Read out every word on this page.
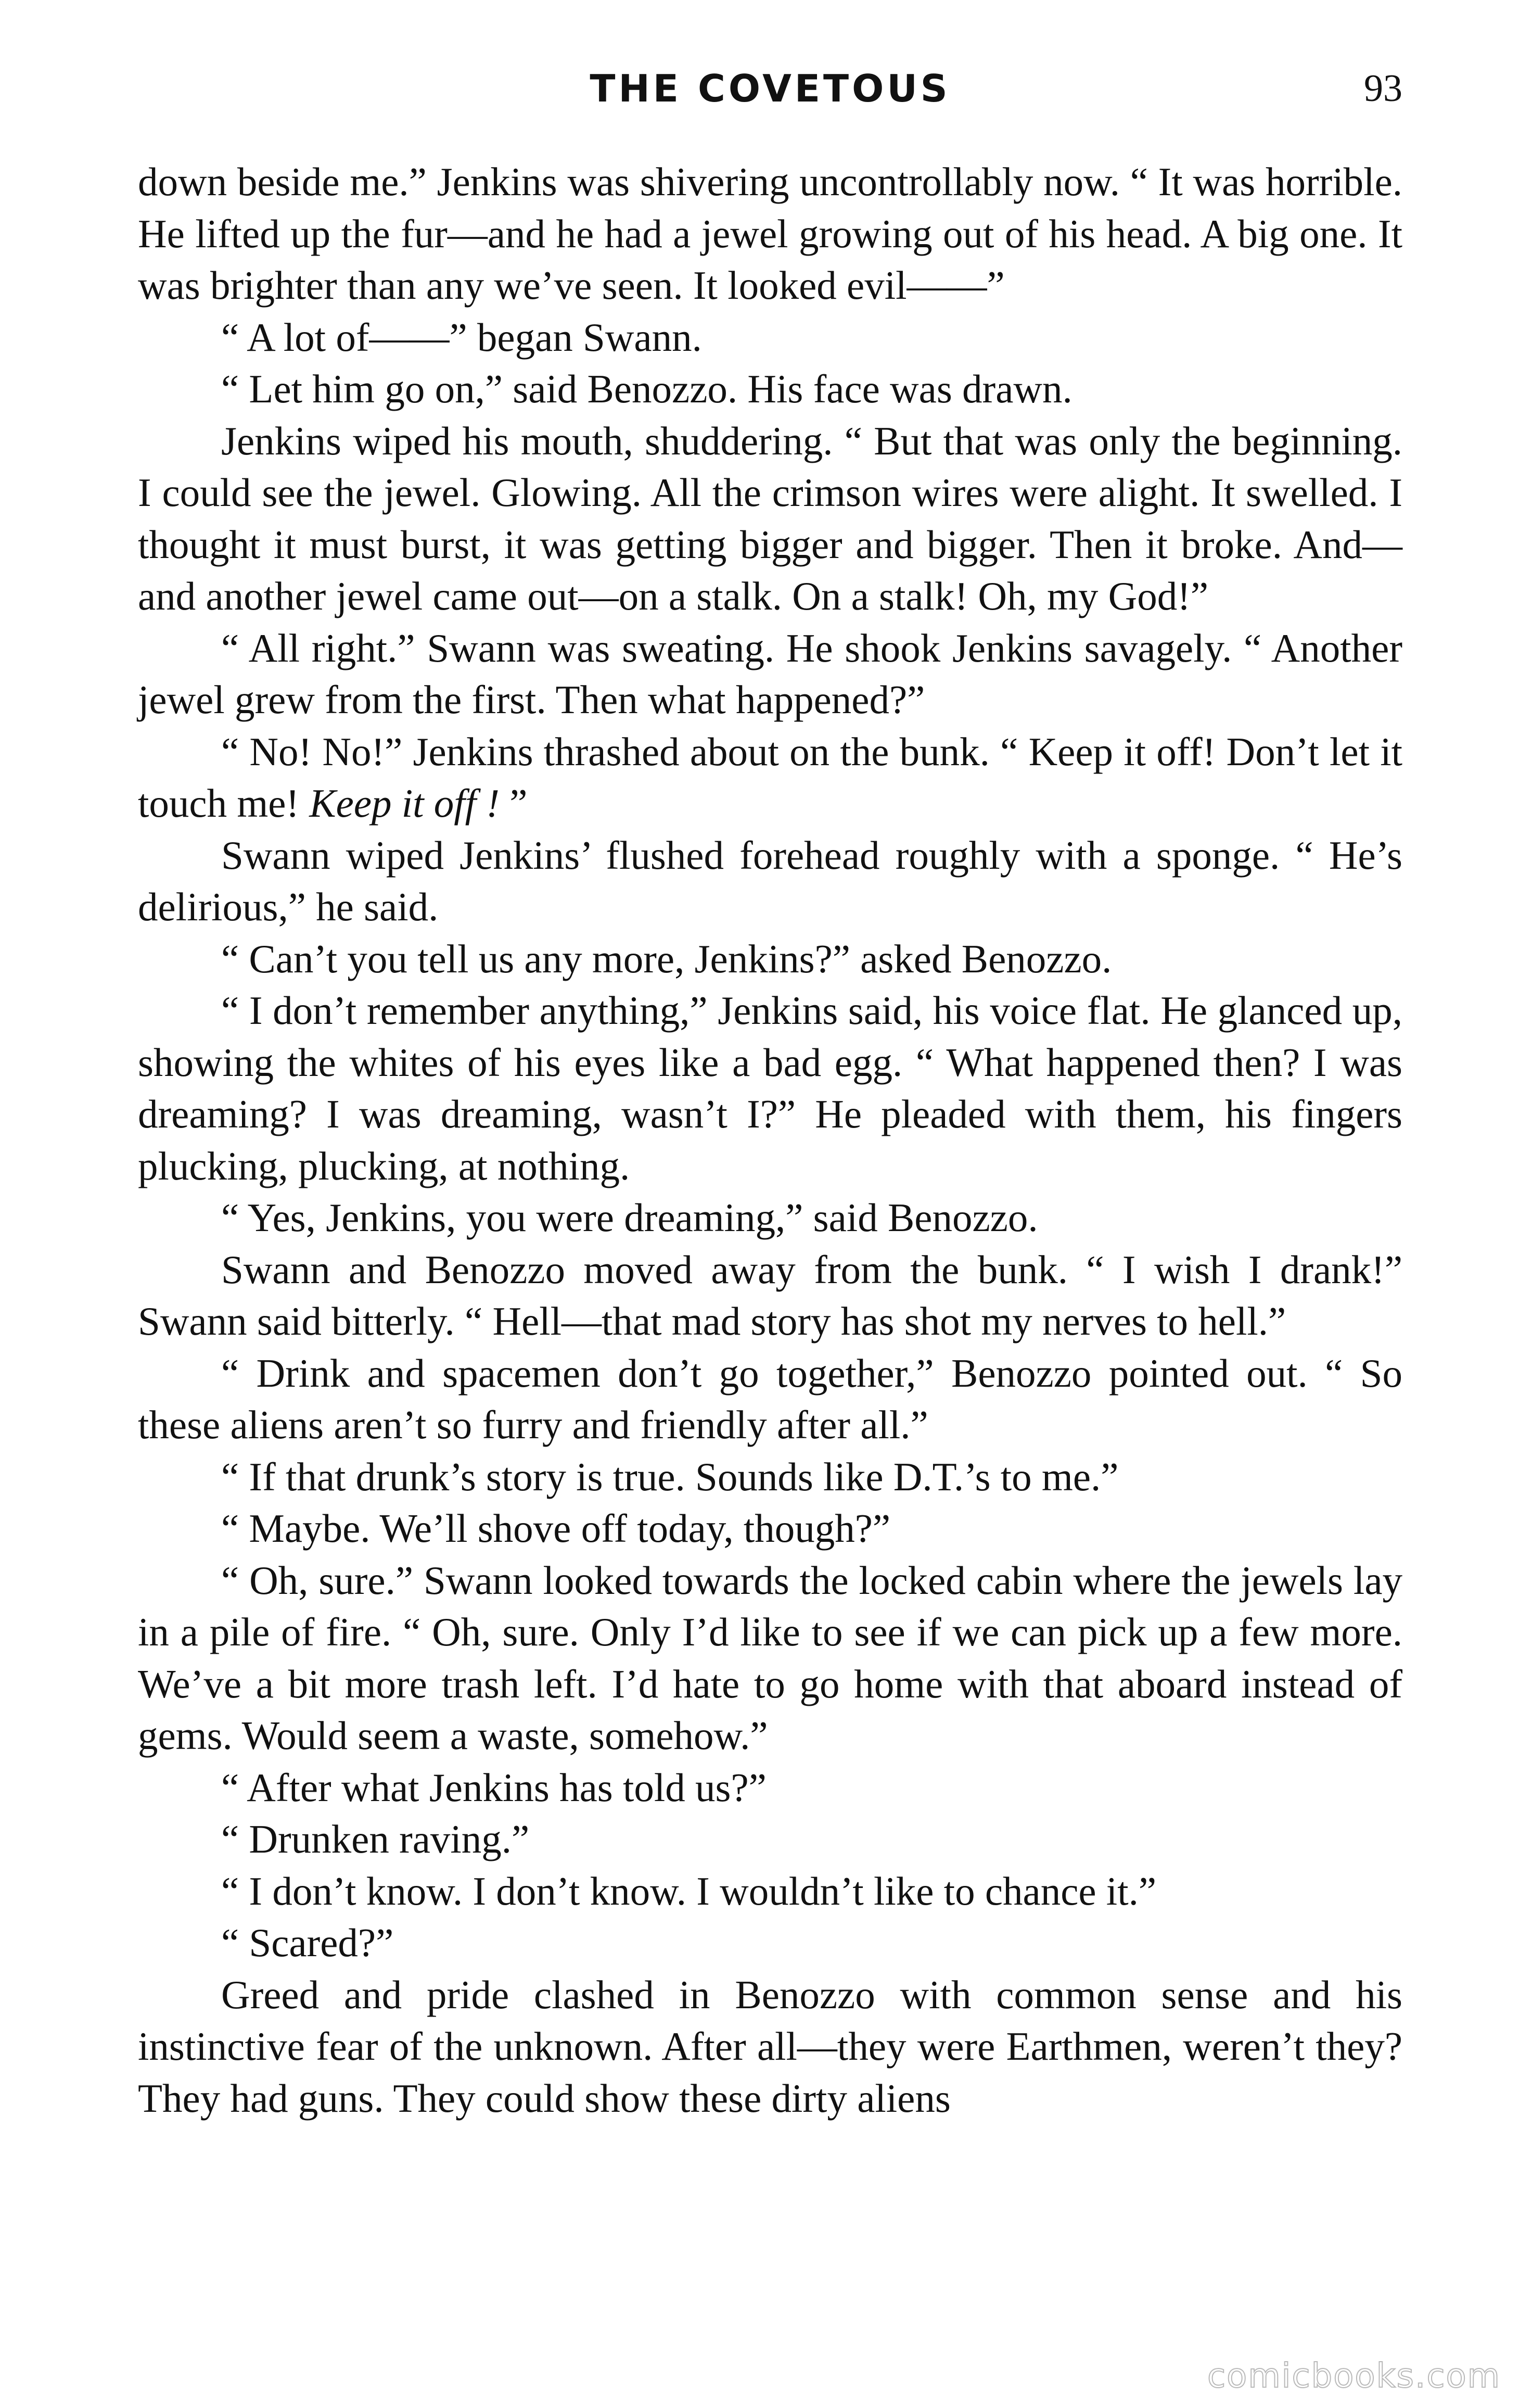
THE COVETOUS	93

down beside me.” Jenkins was shivering uncontrollably now. “ It was horrible. He lifted up the fur—and he had a jewel growing out of his head. A big one. It was brighter than any we’ve seen. It looked evil——”

“ A lot of——” began Swann.

“ Let him go on,” said Benozzo. His face was drawn.

Jenkins wiped his mouth, shuddering. “ But that was only the beginning. I could see the jewel. Glowing. All the crimson wires were alight. It swelled. I thought it must burst, it was getting bigger and bigger. Then it broke. And—and another jewel came out—on a stalk. On a stalk! Oh, my God!”

“ All right.” Swann was sweating. He shook Jenkins savagely. “ Another jewel grew from the first. Then what happened?”

“ No! No!” Jenkins thrashed about on the bunk. “ Keep it off! Don’t let it touch me! Keep it off ! ”

Swann wiped Jenkins’ flushed forehead roughly with a sponge. “ He’s delirious,” he said.

“ Can’t you tell us any more, Jenkins?” asked Benozzo.

“ I don’t remember anything,” Jenkins said, his voice flat. He glanced up, showing the whites of his eyes like a bad egg. “ What happened then? I was dreaming? I was dreaming, wasn’t I?” He pleaded with them, his fingers plucking, plucking, at nothing.

“ Yes, Jenkins, you were dreaming,” said Benozzo.

Swann and Benozzo moved away from the bunk. “ I wish I drank!” Swann said bitterly. “ Hell—that mad story has shot my nerves to hell.”

“ Drink and spacemen don’t go together,” Benozzo pointed out. “ So these aliens aren’t so furry and friendly after all.”

“ If that drunk’s story is true. Sounds like D.T.’s to me.”

“ Maybe. We’ll shove off today, though?”

“ Oh, sure.” Swann looked towards the locked cabin where the jewels lay in a pile of fire. “ Oh, sure. Only I’d like to see if we can pick up a few more. We’ve a bit more trash left. I’d hate to go home with that aboard instead of gems. Would seem a waste, somehow.”

“ After what Jenkins has told us?”

“ Drunken raving.”

“ I don’t know. I don’t know. I wouldn’t like to chance it.”

“ Scared?”

Greed and pride clashed in Benozzo with common sense and his instinctive fear of the unknown. After all—they were Earthmen, weren’t they? They had guns. They could show these dirty aliens

comicbooks.com
